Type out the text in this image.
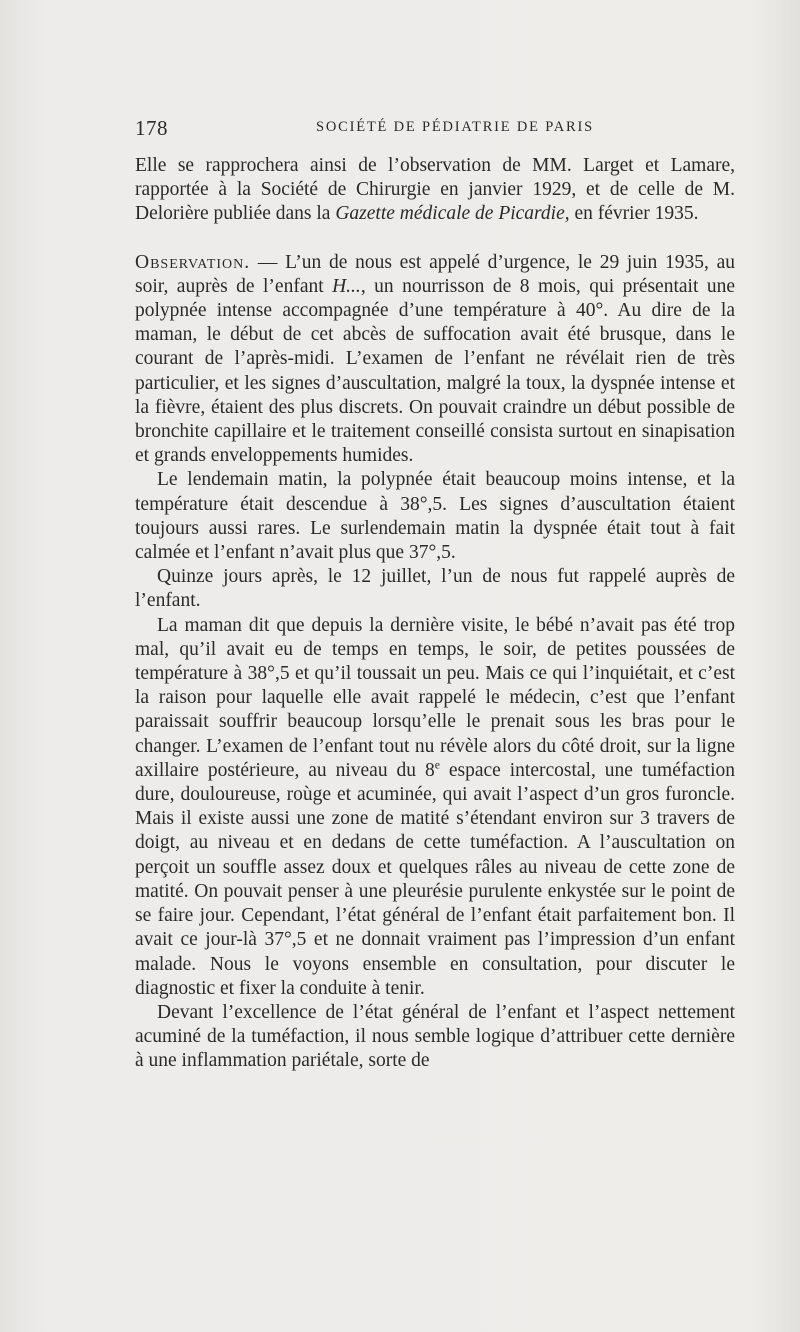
178	SOCIÉTÉ DE PÉDIATRIE DE PARIS

Elle se rapprochera ainsi de l’observation de MM. Larget et Lamare, rapportée à la Société de Chirurgie en janvier 1929, et de celle de M. Delorière publiée dans la Gazette médicale de Picardie, en février 1935.

Observation. — L’un de nous est appelé d’urgence, le 29 juin 1935, au soir, auprès de l’enfant H..., un nourrisson de 8 mois, qui présentait une polypnée intense accompagnée d’une température à 40°. Au dire de la maman, le début de cet abcès de suffocation avait été brusque, dans le courant de l’après-midi. L’examen de l’enfant ne révélait rien de très particulier, et les signes d’auscultation, malgré la toux, la dyspnée intense et la fièvre, étaient des plus discrets. On pouvait craindre un début possible de bronchite capillaire et le traitement conseillé consista surtout en sinapisation et grands enveloppements humides.

Le lendemain matin, la polypnée était beaucoup moins intense, et la température était descendue à 38°,5. Les signes d’auscultation étaient toujours aussi rares. Le surlendemain matin la dyspnée était tout à fait calmée et l’enfant n’avait plus que 37°,5.

Quinze jours après, le 12 juillet, l’un de nous fut rappelé auprès de l’enfant.

La maman dit que depuis la dernière visite, le bébé n’avait pas été trop mal, qu’il avait eu de temps en temps, le soir, de petites poussées de température à 38°,5 et qu’il toussait un peu. Mais ce qui l’inquiétait, et c’est la raison pour laquelle elle avait rappelé le médecin, c’est que l’enfant paraissait souffrir beaucoup lorsqu’elle le prenait sous les bras pour le changer. L’examen de l’enfant tout nu révèle alors du côté droit, sur la ligne axillaire postérieure, au niveau du 8e espace intercostal, une tuméfaction dure, douloureuse, roùge et acuminée, qui avait l’aspect d’un gros furoncle. Mais il existe aussi une zone de matité s’étendant environ sur 3 travers de doigt, au niveau et en dedans de cette tuméfaction. A l’auscultation on perçoit un souffle assez doux et quelques râles au niveau de cette zone de matité. On pouvait penser à une pleurésie purulente enkystée sur le point de se faire jour. Cependant, l’état général de l’enfant était parfaitement bon. Il avait ce jour-là 37°,5 et ne donnait vraiment pas l’impression d’un enfant malade. Nous le voyons ensemble en consultation, pour discuter le diagnostic et fixer la conduite à tenir.

Devant l’excellence de l’état général de l’enfant et l’aspect nettement acuminé de la tuméfaction, il nous semble logique d’attribuer cette dernière à une inflammation pariétale, sorte de
